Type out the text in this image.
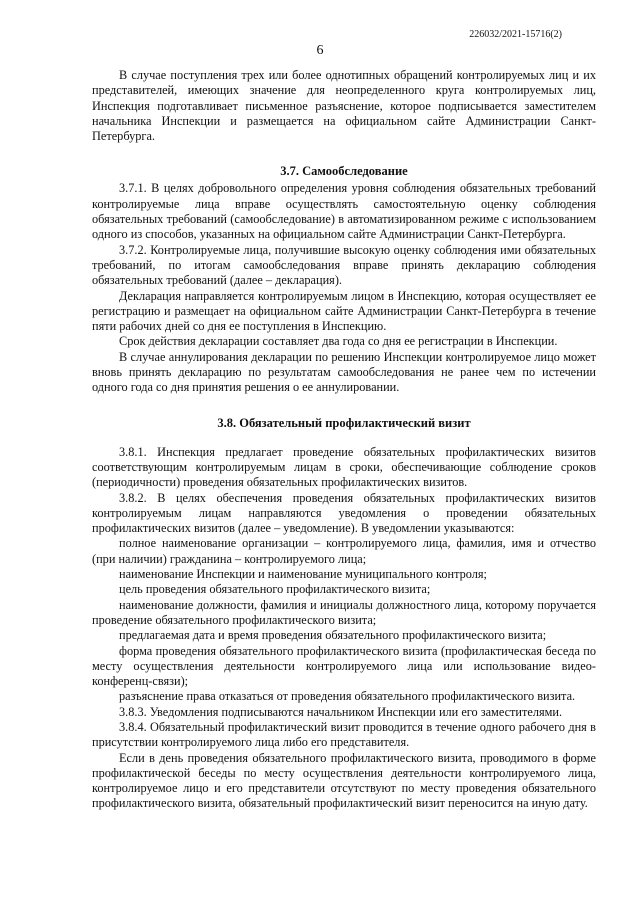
226032/2021-15716(2)
6

В случае поступления трех или более однотипных обращений контролируемых лиц и их представителей, имеющих значение для неопределенного круга контролируемых лиц, Инспекция подготавливает письменное разъяснение, которое подписывается заместителем начальника Инспекции и размещается на официальном сайте Администрации Санкт-Петербурга.

3.7. Самообследование

3.7.1. В целях добровольного определения уровня соблюдения обязательных требований контролируемые лица вправе осуществлять самостоятельную оценку соблюдения обязательных требований (самообследование) в автоматизированном режиме с использованием одного из способов, указанных на официальном сайте Администрации Санкт-Петербурга.

3.7.2. Контролируемые лица, получившие высокую оценку соблюдения ими обязательных требований, по итогам самообследования вправе принять декларацию соблюдения обязательных требований (далее – декларация).

Декларация направляется контролируемым лицом в Инспекцию, которая осуществляет ее регистрацию и размещает на официальном сайте Администрации Санкт-Петербурга в течение пяти рабочих дней со дня ее поступления в Инспекцию.

Срок действия декларации составляет два года со дня ее регистрации в Инспекции.

В случае аннулирования декларации по решению Инспекции контролируемое лицо может вновь принять декларацию по результатам самообследования не ранее чем по истечении одного года со дня принятия решения о ее аннулировании.

3.8. Обязательный профилактический визит

3.8.1. Инспекция предлагает проведение обязательных профилактических визитов соответствующим контролируемым лицам в сроки, обеспечивающие соблюдение сроков (периодичности) проведения обязательных профилактических визитов.

3.8.2. В целях обеспечения проведения обязательных профилактических визитов контролируемым лицам направляются уведомления о проведении обязательных профилактических визитов (далее – уведомление). В уведомлении указываются:

полное наименование организации – контролируемого лица, фамилия, имя и отчество (при наличии) гражданина – контролируемого лица;

наименование Инспекции и наименование муниципального контроля;

цель проведения обязательного профилактического визита;

наименование должности, фамилия и инициалы должностного лица, которому поручается проведение обязательного профилактического визита;

предлагаемая дата и время проведения обязательного профилактического визита;

форма проведения обязательного профилактического визита (профилактическая беседа по месту осуществления деятельности контролируемого лица или использование видео-конференц-связи);

разъяснение права отказаться от проведения обязательного профилактического визита.

3.8.3. Уведомления подписываются начальником Инспекции или его заместителями.

3.8.4. Обязательный профилактический визит проводится в течение одного рабочего дня в присутствии контролируемого лица либо его представителя.

Если в день проведения обязательного профилактического визита, проводимого в форме профилактической беседы по месту осуществления деятельности контролируемого лица, контролируемое лицо и его представители отсутствуют по месту проведения обязательного профилактического визита, обязательный профилактический визит переносится на иную дату.
